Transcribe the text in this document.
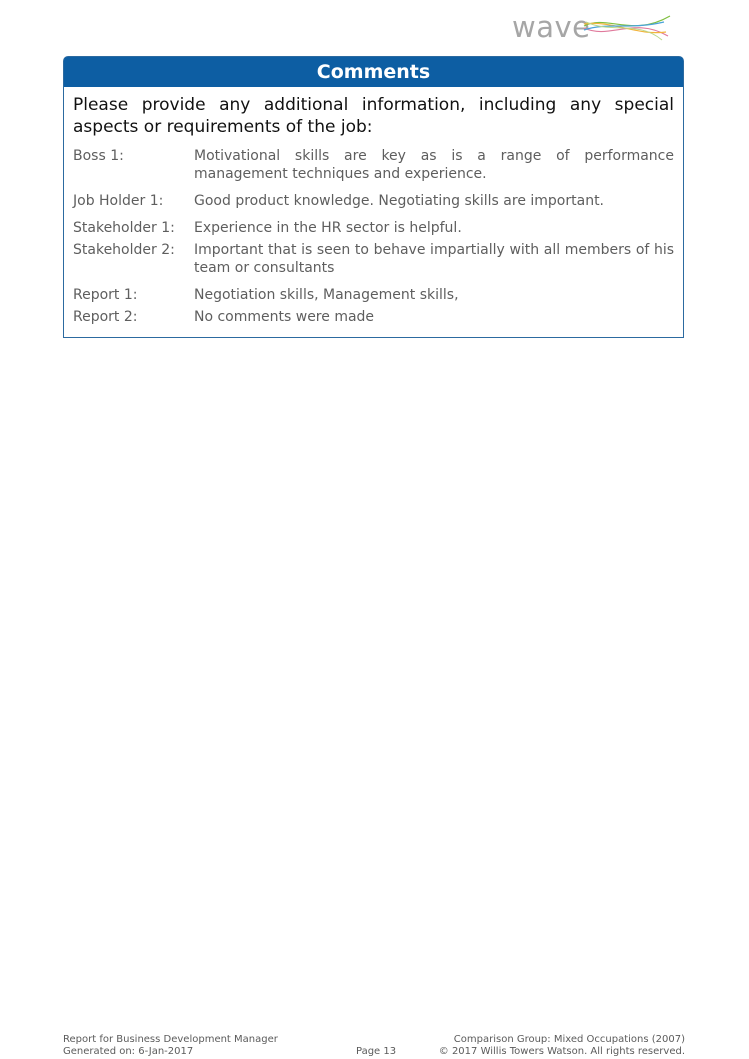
wave
Comments

Please provide any additional information, including any special aspects or requirements of the job:

Boss 1:	Motivational skills are key as is a range of performance management techniques and experience.
Job Holder 1:	Good product knowledge. Negotiating skills are important.
Stakeholder 1:	Experience in the HR sector is helpful.
Stakeholder 2:	Important that is seen to behave impartially with all members of his team or consultants
Report 1:	Negotiation skills, Management skills,
Report 2:	No comments were made
Report for Business Development Manager
Generated on: 6-Jan-2017	Page 13
Comparison Group: Mixed Occupations (2007)
© 2017 Willis Towers Watson. All rights reserved.
